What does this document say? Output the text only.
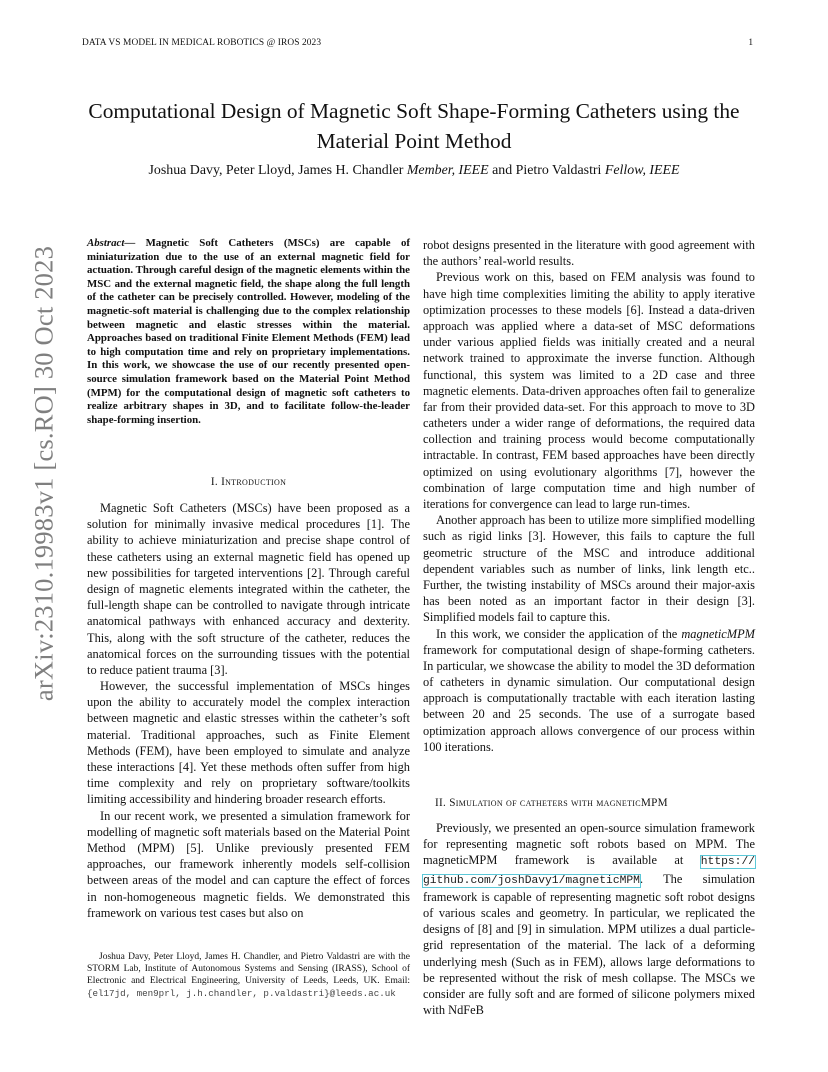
DATA VS MODEL IN MEDICAL ROBOTICS @ IROS 2023	1
Computational Design of Magnetic Soft Shape-Forming Catheters using the Material Point Method
Joshua Davy, Peter Lloyd, James H. Chandler Member, IEEE and Pietro Valdastri Fellow, IEEE
arXiv:2310.19983v1 [cs.RO] 30 Oct 2023
Abstract— Magnetic Soft Catheters (MSCs) are capable of miniaturization due to the use of an external magnetic field for actuation. Through careful design of the magnetic elements within the MSC and the external magnetic field, the shape along the full length of the catheter can be precisely controlled. However, modeling of the magnetic-soft material is challenging due to the complex relationship between magnetic and elastic stresses within the material. Approaches based on traditional Finite Element Methods (FEM) lead to high computation time and rely on proprietary implementations. In this work, we showcase the use of our recently presented open-source simulation framework based on the Material Point Method (MPM) for the computational design of magnetic soft catheters to realize arbitrary shapes in 3D, and to facilitate follow-the-leader shape-forming insertion.

I. Introduction

Magnetic Soft Catheters (MSCs) have been proposed as a solution for minimally invasive medical procedures [1]. The ability to achieve miniaturization and precise shape control of these catheters using an external magnetic field has opened up new possibilities for targeted interventions [2]. Through careful design of magnetic elements integrated within the catheter, the full-length shape can be controlled to navigate through intricate anatomical pathways with enhanced accuracy and dexterity. This, along with the soft structure of the catheter, reduces the anatomical forces on the surrounding tissues with the potential to reduce patient trauma [3].

However, the successful implementation of MSCs hinges upon the ability to accurately model the complex interaction between magnetic and elastic stresses within the catheter’s soft material. Traditional approaches, such as Finite Element Methods (FEM), have been employed to simulate and analyze these interactions [4]. Yet these methods often suffer from high time complexity and rely on proprietary software/toolkits limiting accessibility and hindering broader research efforts.

In our recent work, we presented a simulation framework for modelling of magnetic soft materials based on the Material Point Method (MPM) [5]. Unlike previously presented FEM approaches, our framework inherently models self-collision between areas of the model and can capture the effect of forces in non-homogeneous magnetic fields. We demonstrated this framework on various test cases but also on

Joshua Davy, Peter Lloyd, James H. Chandler, and Pietro Valdastri are with the STORM Lab, Institute of Autonomous Systems and Sensing (IRASS), School of Electronic and Electrical Engineering, University of Leeds, Leeds, UK. Email: {el17jd, men9prl, j.h.chandler, p.valdastri}@leeds.ac.uk

robot designs presented in the literature with good agreement with the authors’ real-world results.

Previous work on this, based on FEM analysis was found to have high time complexities limiting the ability to apply iterative optimization processes to these models [6]. Instead a data-driven approach was applied where a data-set of MSC deformations under various applied fields was initially created and a neural network trained to approximate the inverse function. Although functional, this system was limited to a 2D case and three magnetic elements. Data-driven approaches often fail to generalize far from their provided data-set. For this approach to move to 3D catheters under a wider range of deformations, the required data collection and training process would become computationally intractable. In contrast, FEM based approaches have been directly optimized on using evolutionary algorithms [7], however the combination of large computation time and high number of iterations for convergence can lead to large run-times.

Another approach has been to utilize more simplified modelling such as rigid links [3]. However, this fails to capture the full geometric structure of the MSC and introduce additional dependent variables such as number of links, link length etc.. Further, the twisting instability of MSCs around their major-axis has been noted as an important factor in their design [3]. Simplified models fail to capture this.

In this work, we consider the application of the magneticMPM framework for computational design of shape-forming catheters. In particular, we showcase the ability to model the 3D deformation of catheters in dynamic simulation. Our computational design approach is computationally tractable with each iteration lasting between 20 and 25 seconds. The use of a surrogate based optimization approach allows convergence of our process within 100 iterations.

II. Simulation of catheters with magneticMPM

Previously, we presented an open-source simulation framework for representing magnetic soft robots based on MPM. The magneticMPM framework is available at https:// github.com/joshDavy1/magneticMPM. The simulation framework is capable of representing magnetic soft robot designs of various scales and geometry. In particular, we replicated the designs of [8] and [9] in simulation. MPM utilizes a dual particle-grid representation of the material. The lack of a deforming underlying mesh (Such as in FEM), allows large deformations to be represented without the risk of mesh collapse. The MSCs we consider are fully soft and are formed of silicone polymers mixed with NdFeB
